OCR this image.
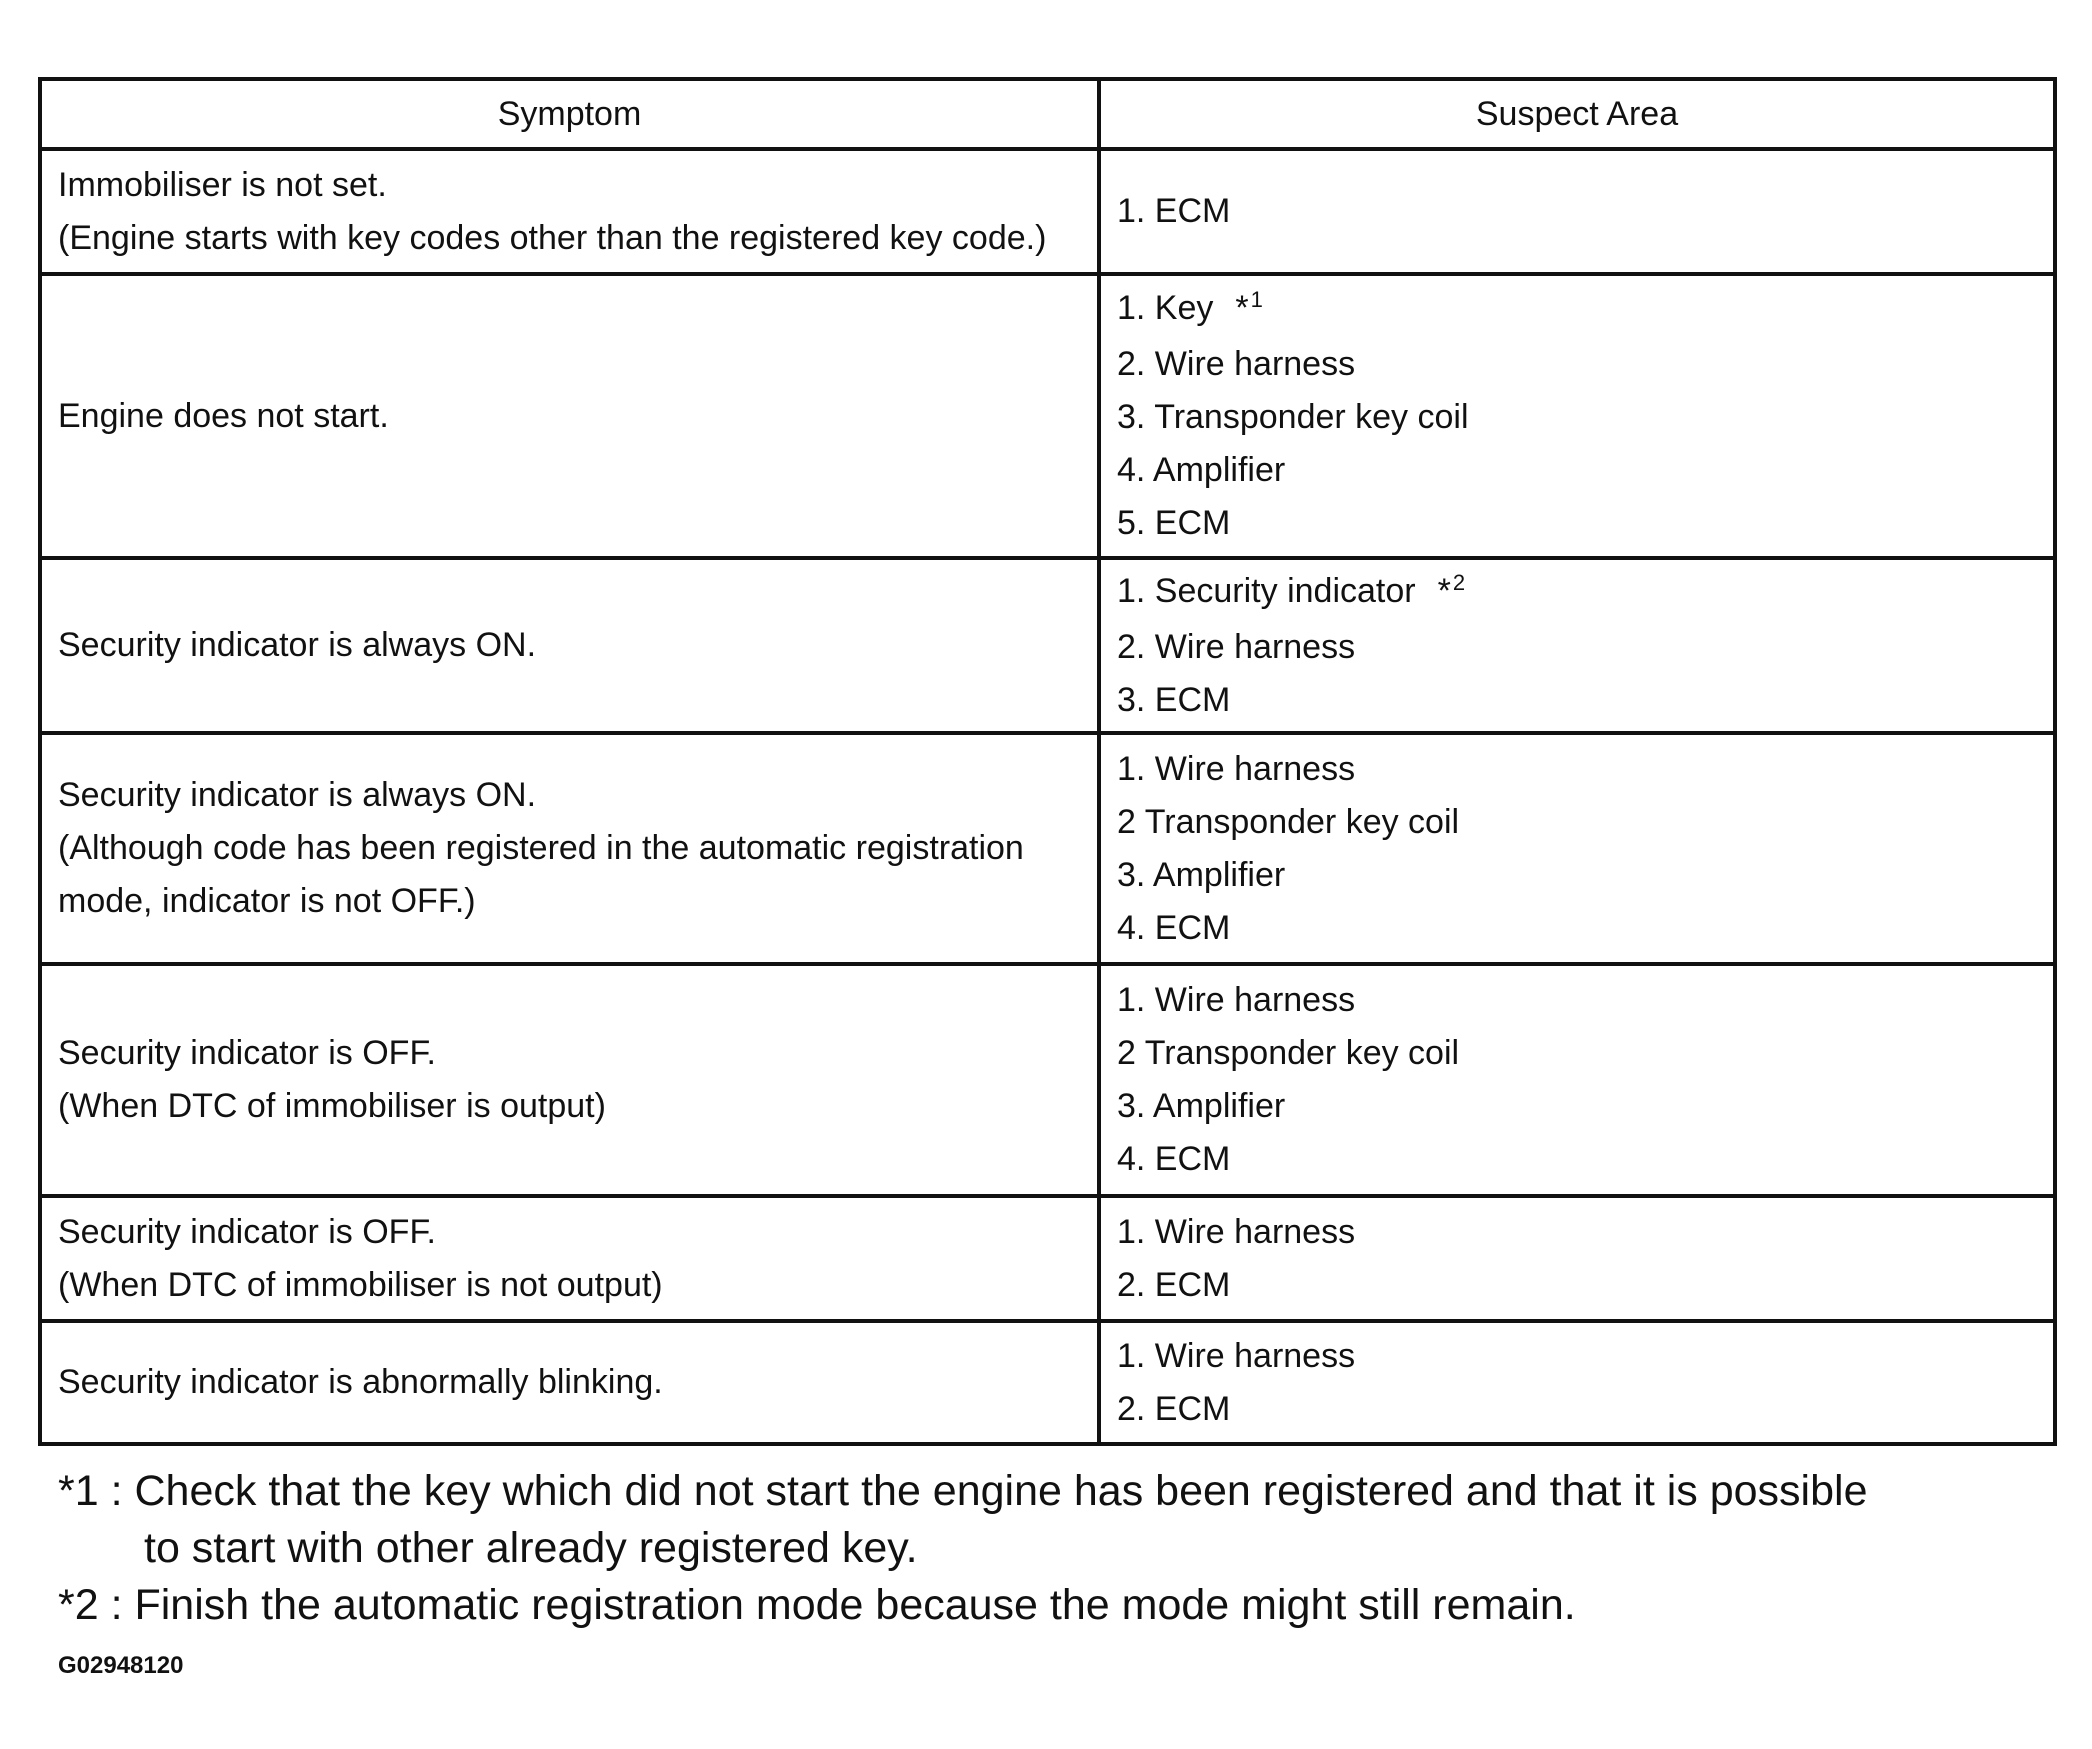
Symptom	Suspect Area

Immobiliser is not set.
(Engine starts with key codes other than the registered key code.)	1. ECM

Engine does not start.	1. Key *$^1$
2. Wire harness
3. Transponder key coil
4. Amplifier
5. ECM

Security indicator is always ON.	1. Security indicator *$^2$
2. Wire harness
3. ECM

Security indicator is always ON.
(Although code has been registered in the automatic registration mode, indicator is not OFF.)	1. Wire harness
2 Transponder key coil
3. Amplifier
4. ECM

Security indicator is OFF.
(When DTC of immobiliser is output)	1. Wire harness
2 Transponder key coil
3. Amplifier
4. ECM

Security indicator is OFF.
(When DTC of immobiliser is not output)	1. Wire harness
2. ECM

Security indicator is abnormally blinking.	1. Wire harness
2. ECM
*1 : Check that the key which did not start the engine has been registered and that it is possible
to start with other already registered key.
*2 : Finish the automatic registration mode because the mode might still remain.
G02948120
